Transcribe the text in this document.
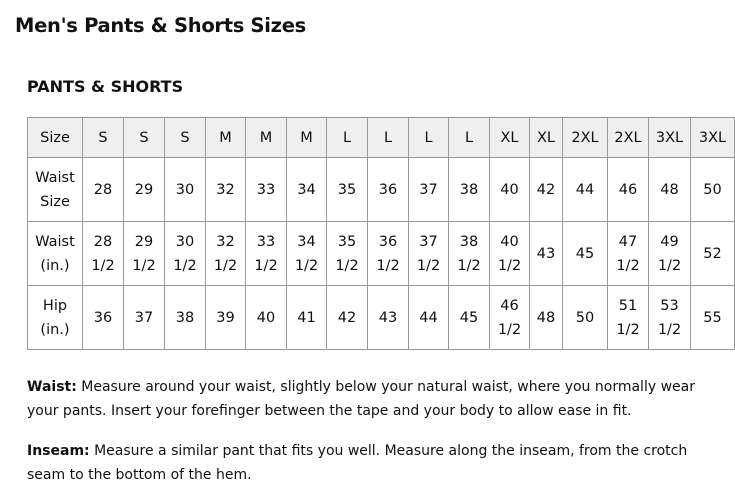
Men's Pants & Shorts Sizes
PANTS & SHORTS
Size	S	S	S	M	M	M	L	L	L	L	XL	XL	2XL	2XL	3XL	3XL
Waist Size	28	29	30	32	33	34	35	36	37	38	40	42	44	46	48	50
Waist (in.)	28 1/2	29 1/2	30 1/2	32 1/2	33 1/2	34 1/2	35 1/2	36 1/2	37 1/2	38 1/2	40 1/2	43	45	47 1/2	49 1/2	52
Hip (in.)	36	37	38	39	40	41	42	43	44	45	46 1/2	48	50	51 1/2	53 1/2	55

Waist: Measure around your waist, slightly below your natural waist, where you normally wear your pants. Insert your forefinger between the tape and your body to allow ease in fit.

Inseam: Measure a similar pant that fits you well. Measure along the inseam, from the crotch seam to the bottom of the hem.
